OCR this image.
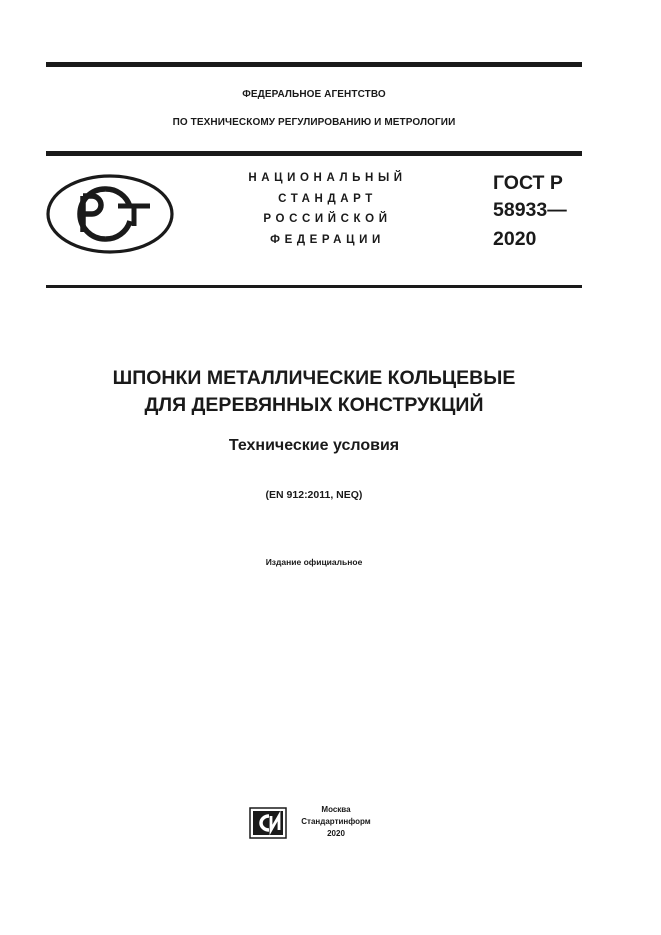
ФЕДЕРАЛЬНОЕ АГЕНТСТВО
ПО ТЕХНИЧЕСКОМУ РЕГУЛИРОВАНИЮ И МЕТРОЛОГИИ
НАЦИОНАЛЬНЫЙ
СТАНДАРТ
РОССИЙСКОЙ
ФЕДЕРАЦИИ
ГОСТ Р
58933—
2020
ШПОНКИ МЕТАЛЛИЧЕСКИЕ КОЛЬЦЕВЫЕ
ДЛЯ ДЕРЕВЯННЫХ КОНСТРУКЦИЙ
Технические условия
(EN 912:2011, NEQ)
Издание официальное
Москва
Стандартинформ
2020
